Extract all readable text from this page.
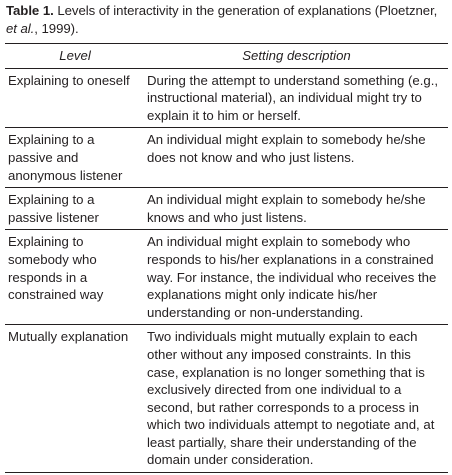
Table 1. Levels of interactivity in the generation of explanations (Ploetzner, et al., 1999).
Level	Setting description
Explaining to oneself	During the attempt to understand something (e.g., instructional material), an individual might try to explain it to him or herself.
Explaining to a passive and anonymous listener	An individual might explain to somebody he/she does not know and who just listens.
Explaining to a passive listener	An individual might explain to somebody he/she knows and who just listens.
Explaining to somebody who responds in a constrained way	An individual might explain to somebody who responds to his/her explanations in a constrained way. For instance, the individual who receives the explanations might only indicate his/her understanding or non-understanding.
Mutually explanation	Two individuals might mutually explain to each other without any imposed constraints. In this case, explanation is no longer something that is exclusively directed from one individual to a second, but rather corresponds to a process in which two individuals attempt to negotiate and, at least partially, share their understanding of the domain under consideration.
